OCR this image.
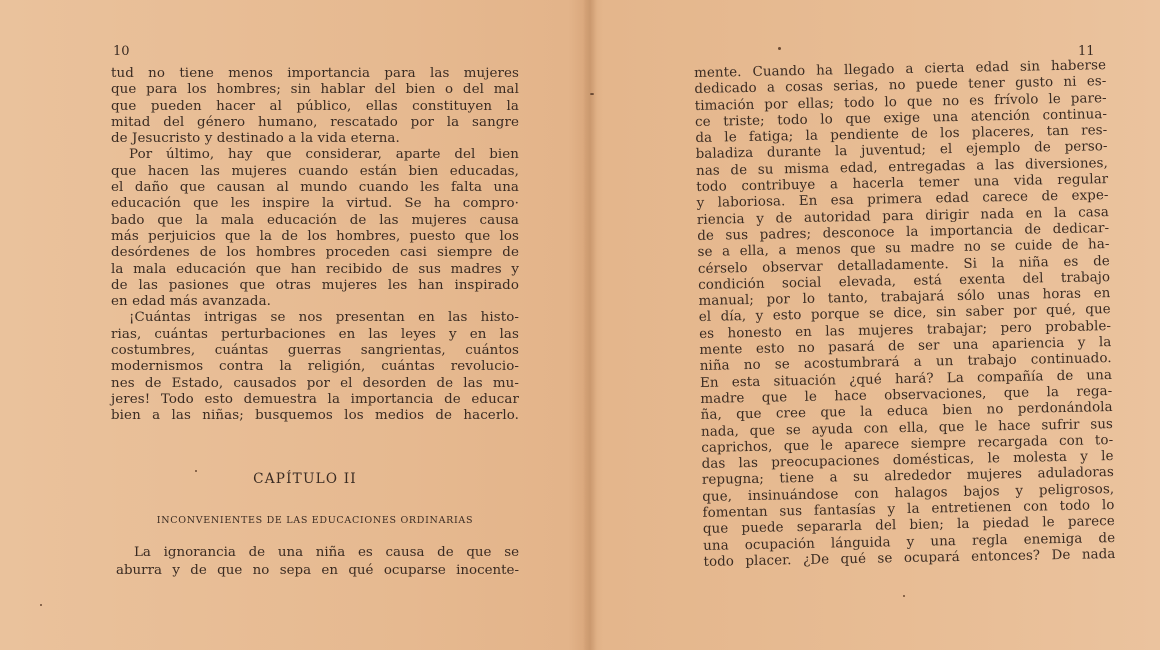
10
tud no tiene menos importancia para las mujeres
que para los hombres; sin hablar del bien o del mal
que pueden hacer al público, ellas constituyen la
mitad del género humano, rescatado por la sangre
de Jesucristo y destinado a la vida eterna.
Por último, hay que considerar, aparte del bien
que hacen las mujeres cuando están bien educadas,
el daño que causan al mundo cuando les falta una
educación que les inspire la virtud. Se ha compro·
bado que la mala educación de las mujeres causa
más perjuicios que la de los hombres, puesto que los
desórdenes de los hombres proceden casi siempre de
la mala educación que han recibido de sus madres y
de las pasiones que otras mujeres les han inspirado
en edad más avanzada.
¡Cuántas intrigas se nos presentan en las histo-
rias, cuántas perturbaciones en las leyes y en las
costumbres, cuántas guerras sangrientas, cuántos
modernismos contra la religión, cuántas revolucio-
nes de Estado, causados por el desorden de las mu-
jeres! Todo esto demuestra la importancia de educar
bien a las niñas; busquemos los medios de hacerlo.
CAPÍTULO II
INCONVENIENTES DE LAS EDUCACIONES ORDINARIAS
La ignorancia de una niña es causa de que se
aburra y de que no sepa en qué ocuparse inocente-
11
mente. Cuando ha llegado a cierta edad sin haberse
dedicado a cosas serias, no puede tener gusto ni es-
timación por ellas; todo lo que no es frívolo le pare-
ce triste; todo lo que exige una atención continua-
da le fatiga; la pendiente de los placeres, tan res-
baladiza durante la juventud; el ejemplo de perso-
nas de su misma edad, entregadas a las diversiones,
todo contribuye a hacerla temer una vida regular
y laboriosa. En esa primera edad carece de expe-
riencia y de autoridad para dirigir nada en la casa
de sus padres; desconoce la importancia de dedicar-
se a ella, a menos que su madre no se cuide de ha-
cérselo observar detalladamente. Si la niña es de
condición social elevada, está exenta del trabajo
manual; por lo tanto, trabajará sólo unas horas en
el día, y esto porque se dice, sin saber por qué, que
es honesto en las mujeres trabajar; pero probable-
mente esto no pasará de ser una apariencia y la
niña no se acostumbrará a un trabajo continuado.
En esta situación ¿qué hará? La compañía de una
madre que le hace observaciones, que la rega-
ña, que cree que la educa bien no perdonándola
nada, que se ayuda con ella, que le hace sufrir sus
caprichos, que le aparece siempre recargada con to-
das las preocupaciones domésticas, le molesta y le
repugna; tiene a su alrededor mujeres aduladoras
que, insinuándose con halagos bajos y peligrosos,
fomentan sus fantasías y la entretienen con todo lo
que puede separarla del bien; la piedad le parece
una ocupación lánguida y una regla enemiga de
todo placer. ¿De qué se ocupará entonces? De nada
